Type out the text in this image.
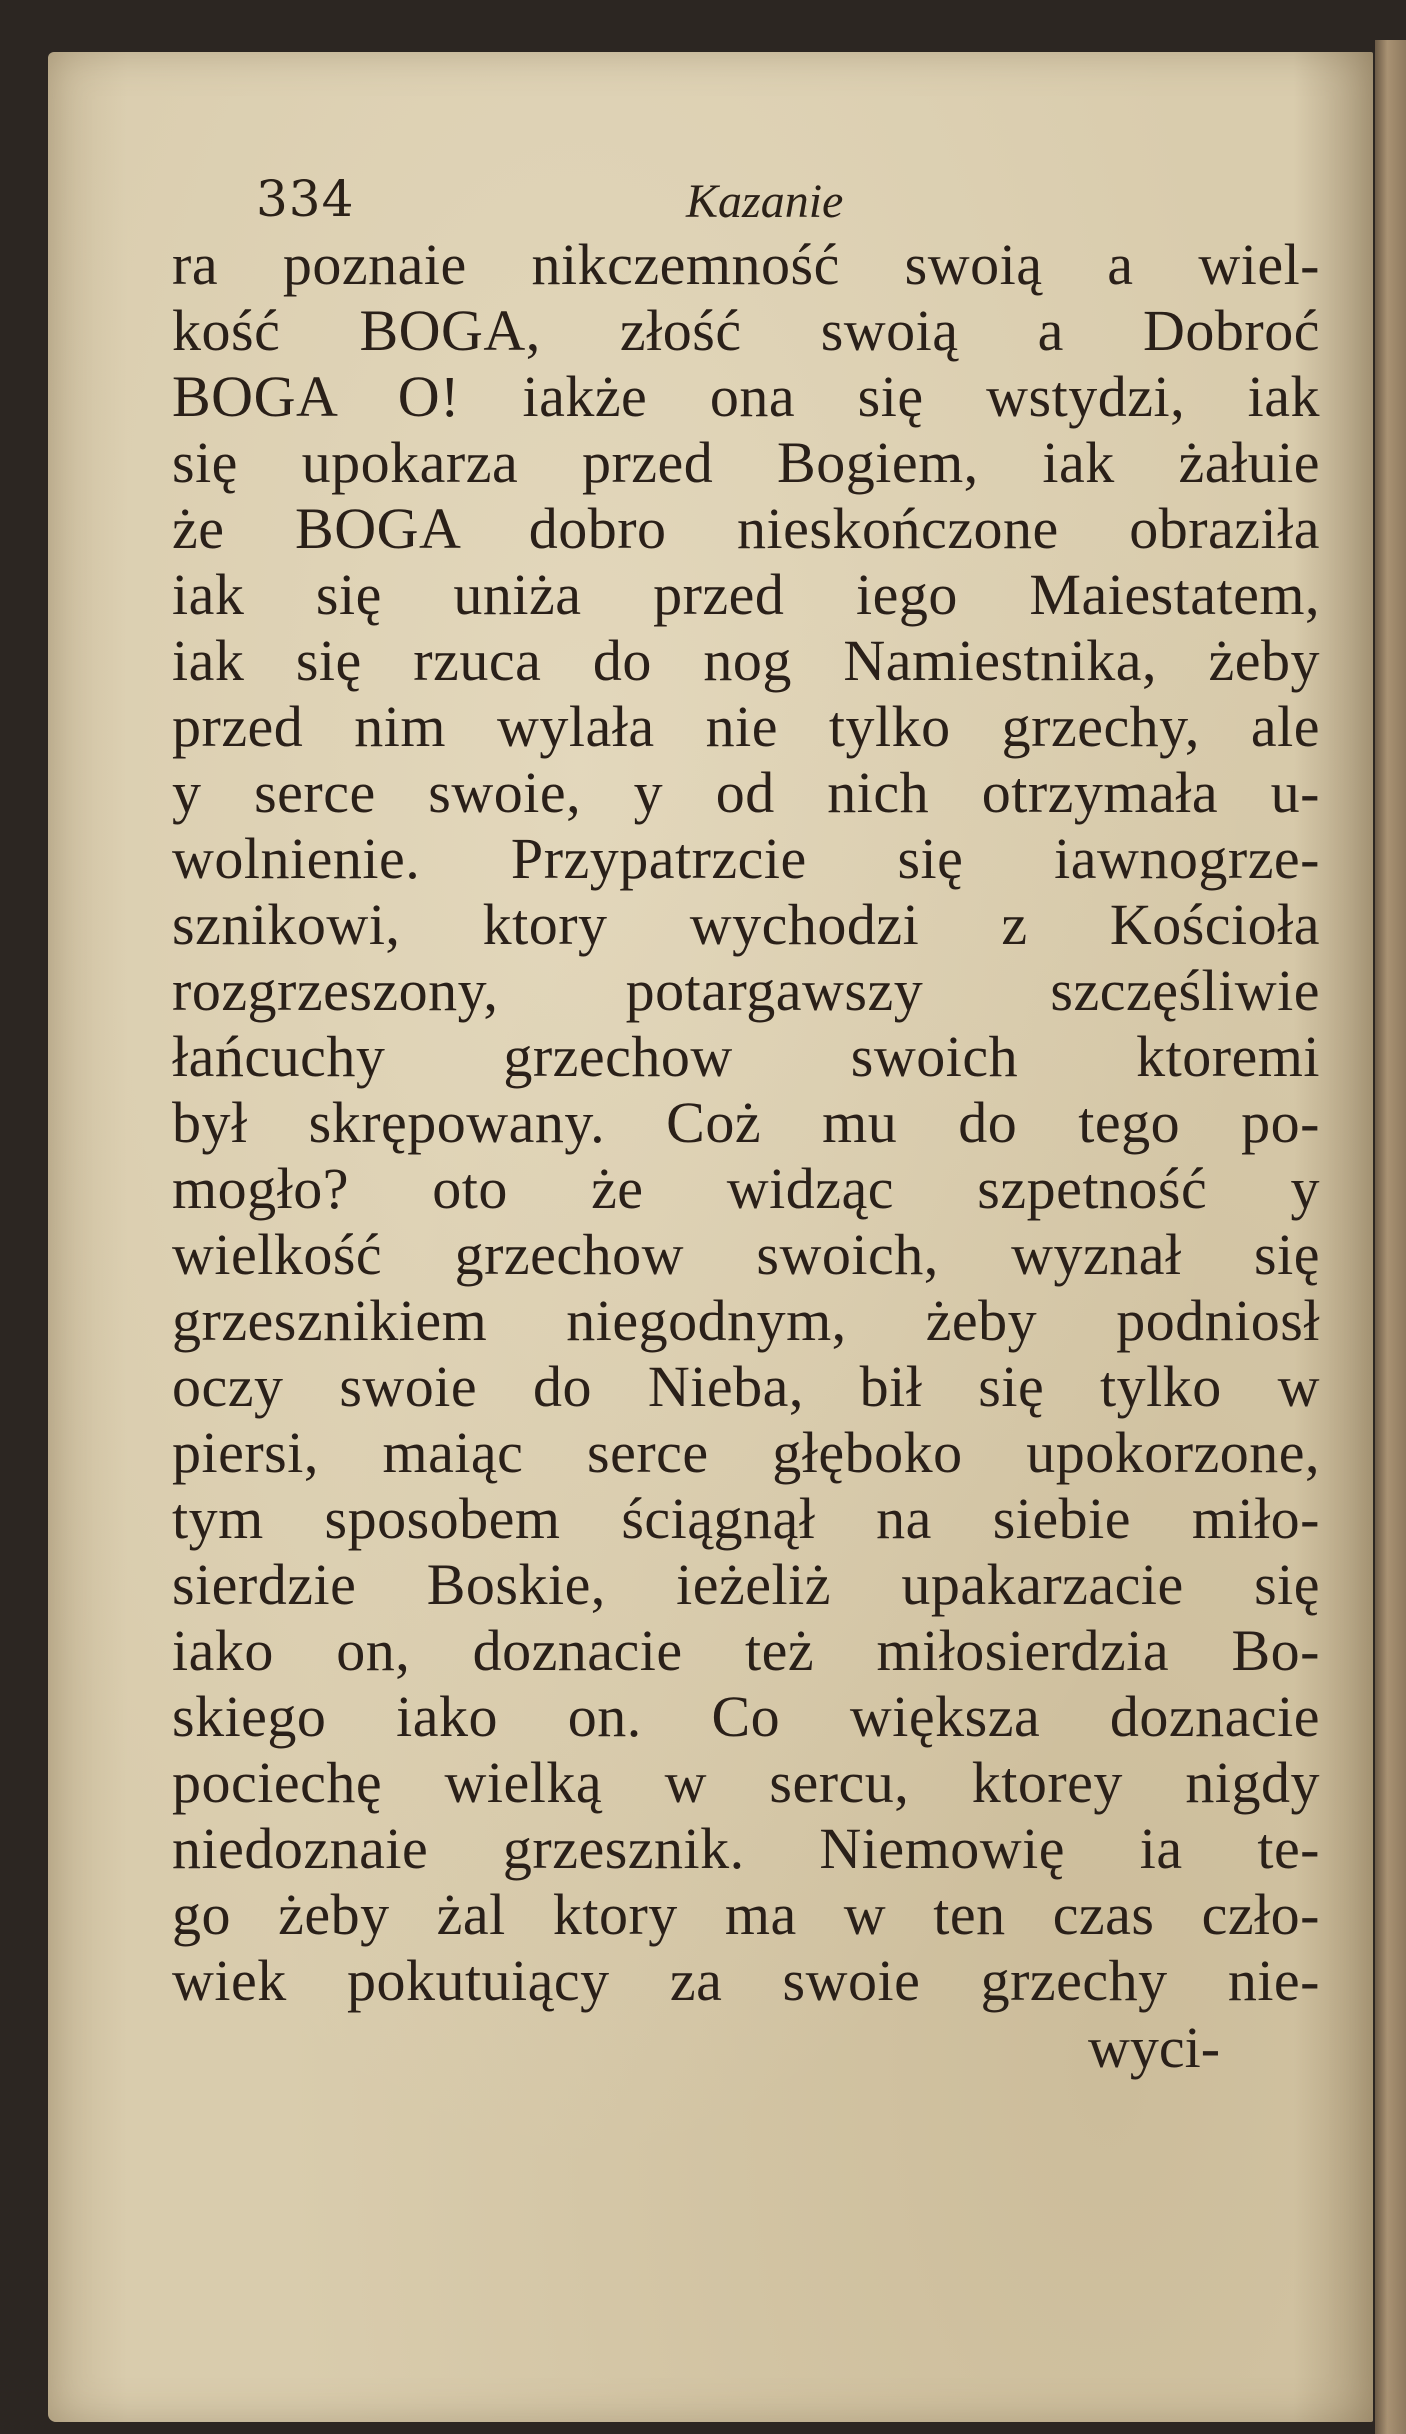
334	Kazanie
ra poznaie nikczemność swoią a wiel-
kość BOGA, złość swoią a Dobroć
BOGA O! iakże ona się wstydzi, iak
się upokarza przed Bogiem, iak żałuie
że BOGA dobro nieskończone obraziła
iak się uniża przed iego Maiestatem,
iak się rzuca do nog Namiestnika, żeby
przed nim wylała nie tylko grzechy, ale
y serce swoie, y od nich otrzymała u-
wolnienie. Przypatrzcie się iawnogrze-
sznikowi, ktory wychodzi z Kościoła
rozgrzeszony, potargawszy szczęśliwie
łańcuchy grzechow swoich ktoremi
był skrępowany. Coż mu do tego po-
mogło? oto że widząc szpetność y
wielkość grzechow swoich, wyznał się
grzesznikiem niegodnym, żeby podniosł
oczy swoie do Nieba, bił się tylko w
piersi, maiąc serce głęboko upokorzone,
tym sposobem ściągnął na siebie miło-
sierdzie Boskie, ieżeliż upakarzacie się
iako on, doznacie też miłosierdzia Bo-
skiego iako on. Co większa doznacie
pociechę wielką w sercu, ktorey nigdy
niedoznaie grzesznik. Niemowię ia te-
go żeby żal ktory ma w ten czas czło-
wiek pokutuiący za swoie grzechy nie-
wyci-
